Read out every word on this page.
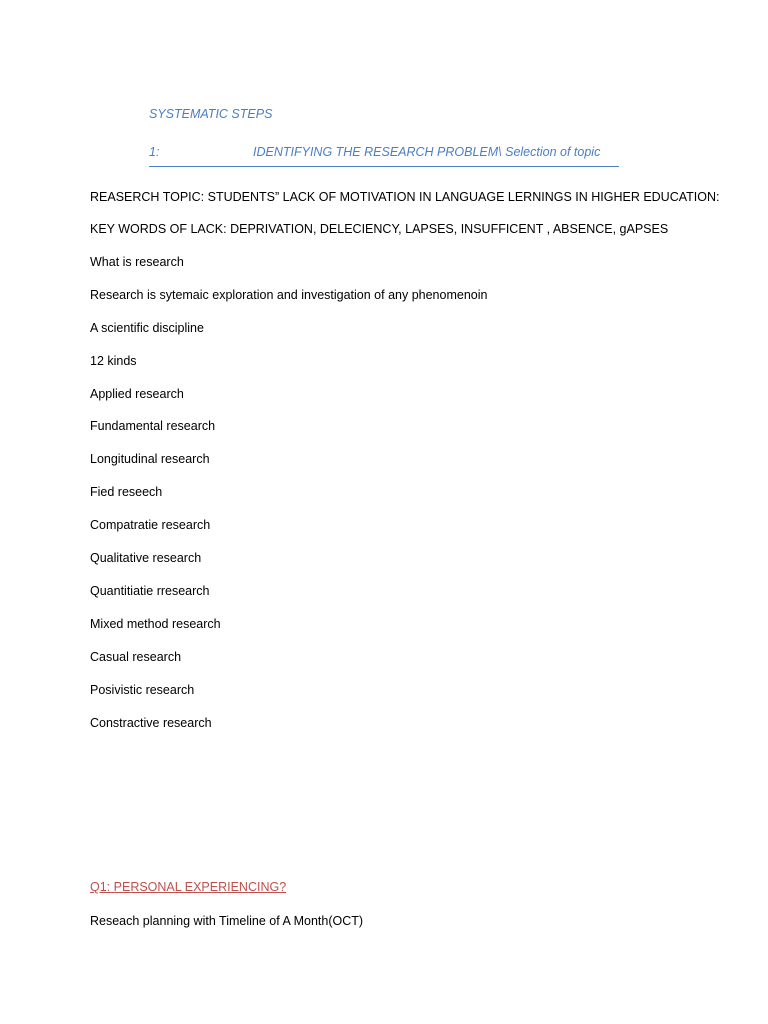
SYSTEMATIC STEPS
1:	IDENTIFYING THE RESEARCH PROBLEM\ Selection of topic
REASERCH TOPIC: STUDENTS” LACK OF MOTIVATION IN LANGUAGE LERNINGS IN HIGHER EDUCATION:
KEY WORDS OF LACK: DEPRIVATION, DELECIENCY, LAPSES, INSUFFICENT , ABSENCE, gAPSES
What is research
Research is sytemaic exploration and investigation of any phenomenoin
A scientific discipline
12 kinds
Applied research
Fundamental research
Longitudinal research
Fied reseech
Compatratie research
Qualitative research
Quantitiatie rresearch
Mixed method research
Casual research
Posivistic research
Constractive research
Q1: PERSONAL EXPERIENCING?
Reseach planning with Timeline of A Month(OCT)
